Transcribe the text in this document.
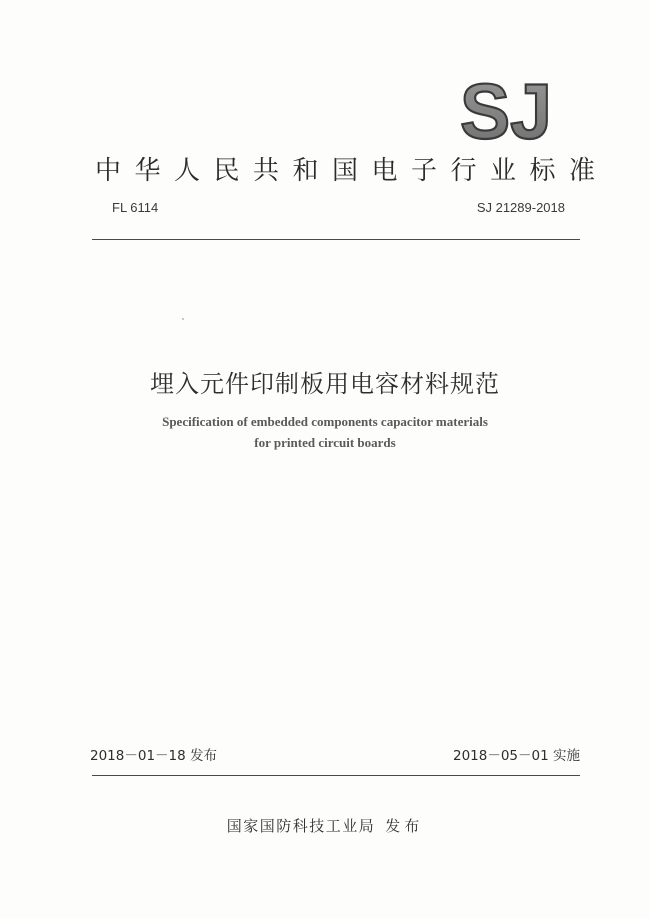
SJ
中华人民共和国电子行业标准
FL 6114	SJ 21289-2018
埋入元件印制板用电容材料规范
Specification of embedded components capacitor materials
for printed circuit boards
2018－01－18 发布	2018－05－01 实施
国家国防科技工业局 发布
